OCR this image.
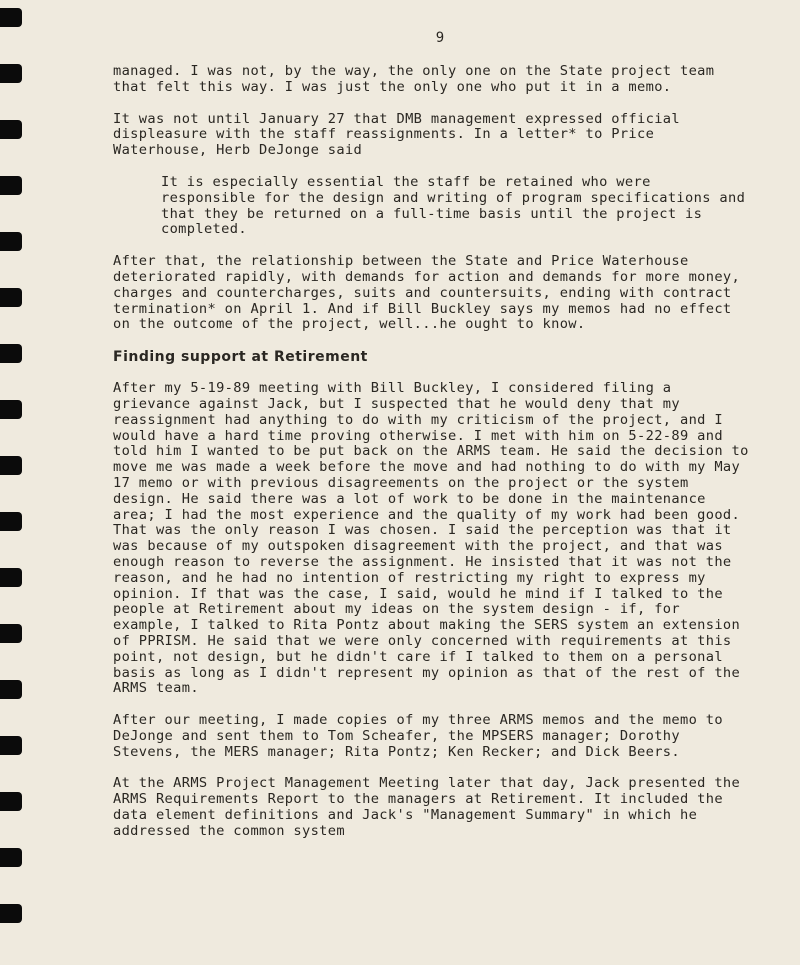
9

managed. I was not, by the way, the only one on the State project team that felt this way. I was just the only one who put it in a memo.

It was not until January 27 that DMB management expressed official displeasure with the staff reassignments. In a letter* to Price Waterhouse, Herb DeJonge said

It is especially essential the staff be retained who were responsible for the design and writing of program specifications and that they be returned on a full-time basis until the project is completed.

After that, the relationship between the State and Price Waterhouse deteriorated rapidly, with demands for action and demands for more money, charges and countercharges, suits and countersuits, ending with contract termination* on April 1. And if Bill Buckley says my memos had no effect on the outcome of the project, well...he ought to know.

Finding support at Retirement

After my 5-19-89 meeting with Bill Buckley, I considered filing a grievance against Jack, but I suspected that he would deny that my reassignment had anything to do with my criticism of the project, and I would have a hard time proving otherwise. I met with him on 5-22-89 and told him I wanted to be put back on the ARMS team. He said the decision to move me was made a week before the move and had nothing to do with my May 17 memo or with previous disagreements on the project or the system design. He said there was a lot of work to be done in the maintenance area; I had the most experience and the quality of my work had been good. That was the only reason I was chosen. I said the perception was that it was because of my outspoken disagreement with the project, and that was enough reason to reverse the assignment. He insisted that it was not the reason, and he had no intention of restricting my right to express my opinion. If that was the case, I said, would he mind if I talked to the people at Retirement about my ideas on the system design - if, for example, I talked to Rita Pontz about making the SERS system an extension of PPRISM. He said that we were only concerned with requirements at this point, not design, but he didn't care if I talked to them on a personal basis as long as I didn't represent my opinion as that of the rest of the ARMS team.

After our meeting, I made copies of my three ARMS memos and the memo to DeJonge and sent them to Tom Scheafer, the MPSERS manager; Dorothy Stevens, the MERS manager; Rita Pontz; Ken Recker; and Dick Beers.

At the ARMS Project Management Meeting later that day, Jack presented the ARMS Requirements Report to the managers at Retirement. It included the data element definitions and Jack's "Management Summary" in which he addressed the common system
